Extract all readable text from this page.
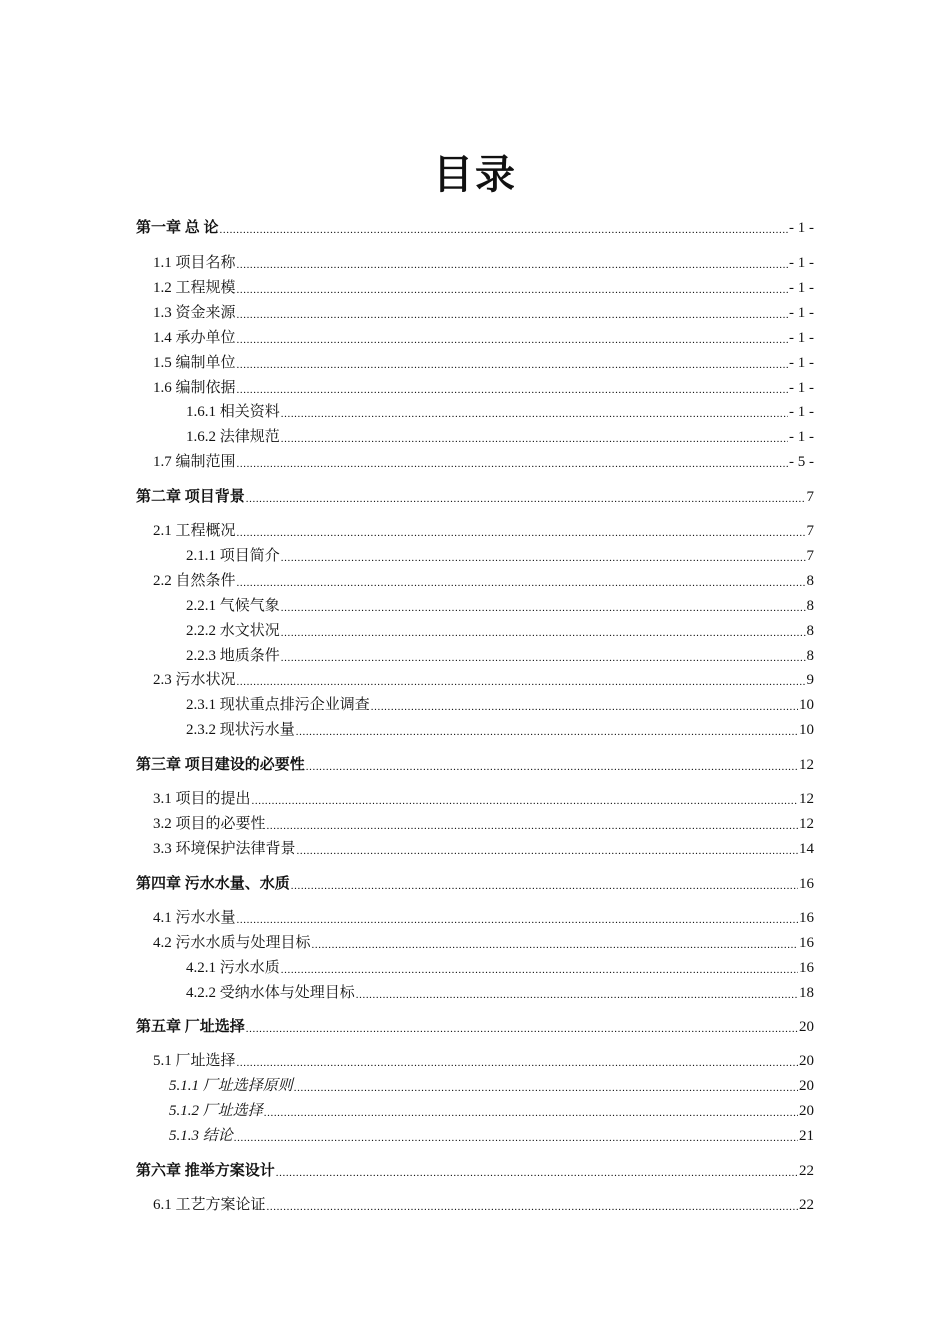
目录
第一章 总 论 .....	- 1 -
1.1 项目名称 .....	- 1 -
1.2 工程规模 .....	- 1 -
1.3 资金来源 .....	- 1 -
1.4 承办单位 .....	- 1 -
1.5 编制单位 .....	- 1 -
1.6 编制依据 .....	- 1 -
1.6.1 相关资料 .....	- 1 -
1.6.2 法律规范 .....	- 1 -
1.7 编制范围 .....	- 5 -
第二章 项目背景 .....	7
2.1 工程概况 .....	7
2.1.1 项目简介 .....	7
2.2 自然条件 .....	8
2.2.1 气候气象 .....	8
2.2.2 水文状况 .....	8
2.2.3 地质条件 .....	8
2.3 污水状况 .....	9
2.3.1 现状重点排污企业调查 .....	10
2.3.2 现状污水量 .....	10
第三章 项目建设的必要性 .....	12
3.1 项目的提出 .....	12
3.2 项目的必要性 .....	12
3.3 环境保护法律背景 .....	14
第四章 污水水量、水质 .....	16
4.1 污水水量 .....	16
4.2 污水水质与处理目标 .....	16
4.2.1 污水水质 .....	16
4.2.2 受纳水体与处理目标 .....	18
第五章 厂址选择 .....	20
5.1 厂址选择 .....	20
5.1.1 厂址选择原则 .....	20
5.1.2 厂址选择 .....	20
5.1.3 结论 .....	21
第六章 推举方案设计 .....	22
6.1 工艺方案论证 .....	22
